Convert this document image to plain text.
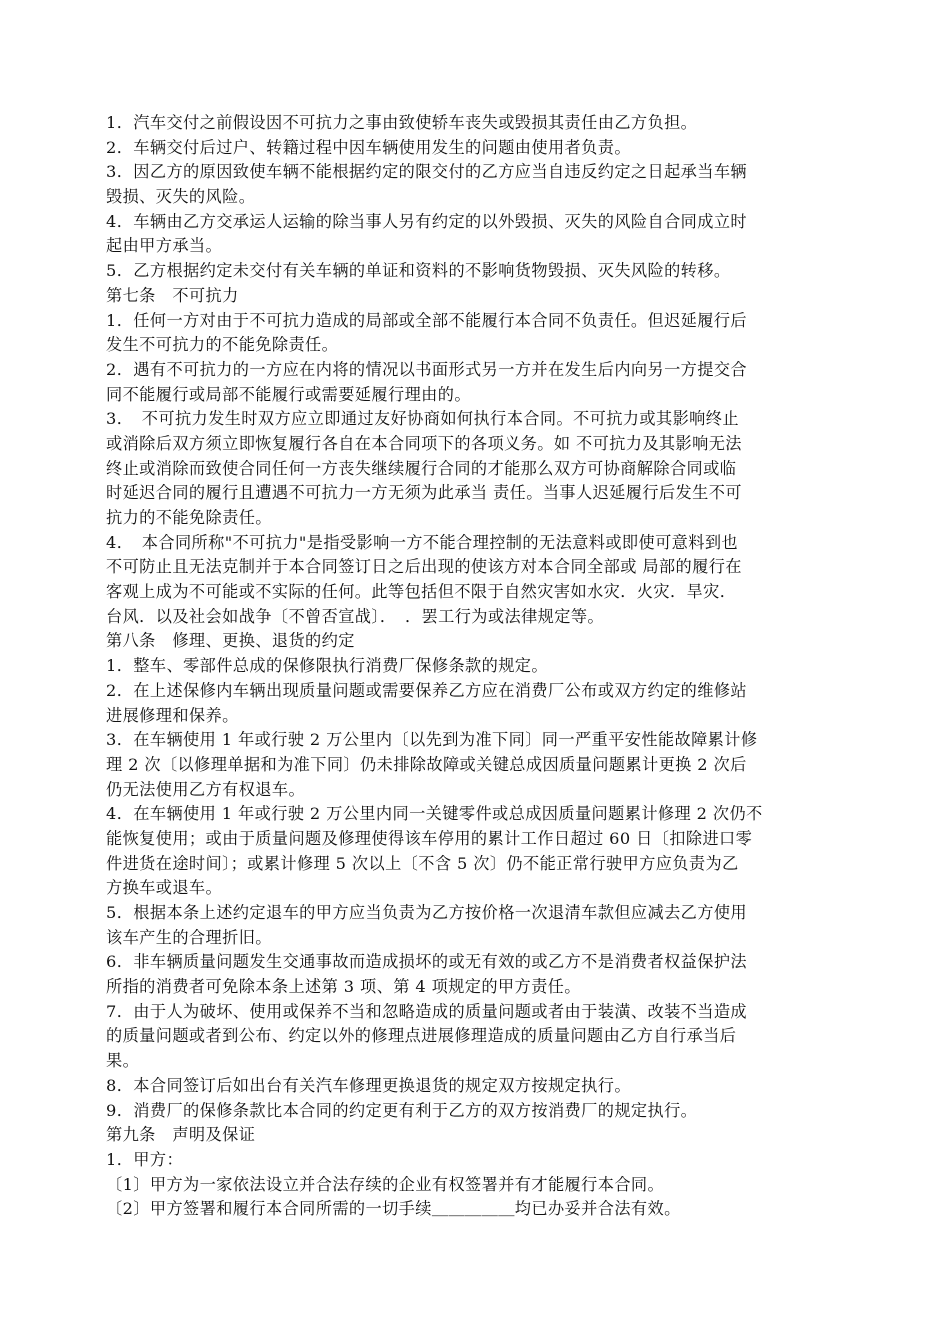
1．汽车交付之前假设因不可抗力之事由致使轿车丧失或毁损其责任由乙方负担。
2．车辆交付后过户、转籍过程中因车辆使用发生的问题由使用者负责。
3．因乙方的原因致使车辆不能根据约定的限交付的乙方应当自违反约定之日起承当车辆
毁损、灭失的风险。
4．车辆由乙方交承运人运输的除当事人另有约定的以外毁损、灭失的风险自合同成立时
起由甲方承当。
5．乙方根据约定未交付有关车辆的单证和资料的不影响货物毁损、灭失风险的转移。
第七条　不可抗力
1．任何一方对由于不可抗力造成的局部或全部不能履行本合同不负责任。但迟延履行后
发生不可抗力的不能免除责任。
2．遇有不可抗力的一方应在内将的情况以书面形式另一方并在发生后内向另一方提交合
同不能履行或局部不能履行或需要延履行理由的。
3．　不可抗力发生时双方应立即通过友好协商如何执行本合同。不可抗力或其影响终止
或消除后双方须立即恢复履行各自在本合同项下的各项义务。如 不可抗力及其影响无法
终止或消除而致使合同任何一方丧失继续履行合同的才能那么双方可协商解除合同或临
时延迟合同的履行且遭遇不可抗力一方无须为此承当 责任。当事人迟延履行后发生不可
抗力的不能免除责任。
4．　本合同所称"不可抗力"是指受影响一方不能合理控制的无法意料或即使可意料到也
不可防止且无法克制并于本合同签订日之后出现的使该方对本合同全部或 局部的履行在
客观上成为不可能或不实际的任何。此等包括但不限于自然灾害如水灾．火灾．旱灾．
台风．以及社会如战争〔不曾否宣战〕．　．罢工行为或法律规定等。
第八条　修理、更换、退货的约定
1．整车、零部件总成的保修限执行消费厂保修条款的规定。
2．在上述保修内车辆出现质量问题或需要保养乙方应在消费厂公布或双方约定的维修站
进展修理和保养。
3．在车辆使用 1 年或行驶 2 万公里内〔以先到为准下同〕同一严重平安性能故障累计修
理 2 次〔以修理单据和为准下同〕仍未排除故障或关键总成因质量问题累计更换 2 次后
仍无法使用乙方有权退车。
4．在车辆使用 1 年或行驶 2 万公里内同一关键零件或总成因质量问题累计修理 2 次仍不
能恢复使用；或由于质量问题及修理使得该车停用的累计工作日超过 60 日〔扣除进口零
件进货在途时间〕；或累计修理 5 次以上〔不含 5 次〕仍不能正常行驶甲方应负责为乙
方换车或退车。
5．根据本条上述约定退车的甲方应当负责为乙方按价格一次退清车款但应减去乙方使用
该车产生的合理折旧。
6．非车辆质量问题发生交通事故而造成损坏的或无有效的或乙方不是消费者权益保护法
所指的消费者可免除本条上述第 3 项、第 4 项规定的甲方责任。
7．由于人为破坏、使用或保养不当和忽略造成的质量问题或者由于装潢、改装不当造成
的质量问题或者到公布、约定以外的修理点进展修理造成的质量问题由乙方自行承当后
果。
8．本合同签订后如出台有关汽车修理更换退货的规定双方按规定执行。
9．消费厂的保修条款比本合同的约定更有利于乙方的双方按消费厂的规定执行。
第九条　声明及保证
1．甲方：
〔1〕甲方为一家依法设立并合法存续的企业有权签署并有才能履行本合同。
〔2〕甲方签署和履行本合同所需的一切手续＿＿＿＿＿均已办妥并合法有效。
